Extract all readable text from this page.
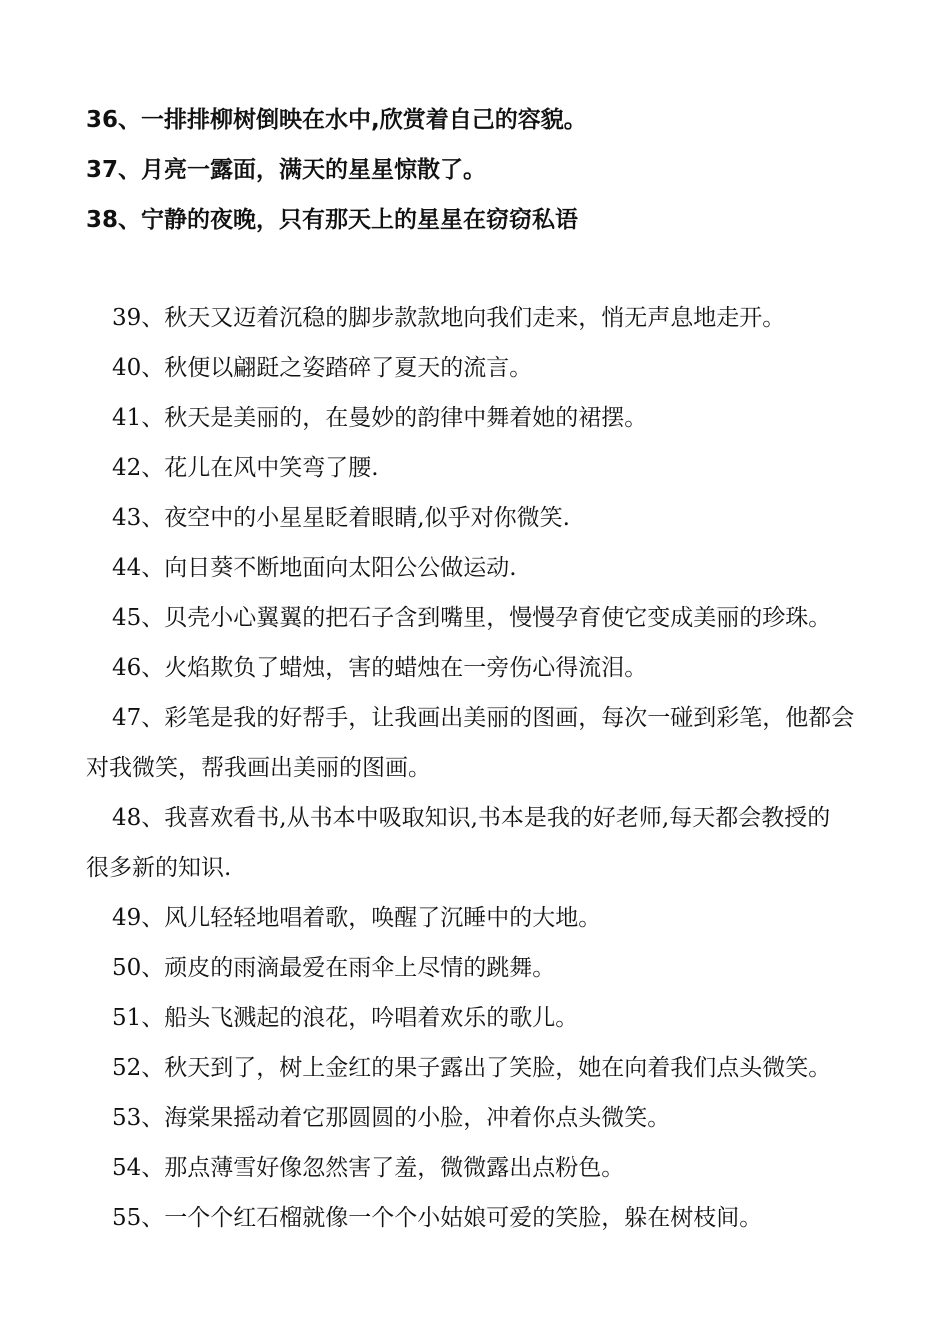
36、一排排柳树倒映在水中,欣赏着自己的容貌。
37、月亮一露面，满天的星星惊散了。
38、宁静的夜晚，只有那天上的星星在窃窃私语
39、秋天又迈着沉稳的脚步款款地向我们走来，悄无声息地走开。
40、秋便以翩跹之姿踏碎了夏天的流言。
41、秋天是美丽的，在曼妙的韵律中舞着她的裙摆。
42、花儿在风中笑弯了腰.
43、夜空中的小星星眨着眼睛,似乎对你微笑.
44、向日葵不断地面向太阳公公做运动.
45、贝壳小心翼翼的把石子含到嘴里，慢慢孕育使它变成美丽的珍珠。
46、火焰欺负了蜡烛，害的蜡烛在一旁伤心得流泪。
47、彩笔是我的好帮手，让我画出美丽的图画，每次一碰到彩笔，他都会
对我微笑，帮我画出美丽的图画。
48、我喜欢看书,从书本中吸取知识,书本是我的好老师,每天都会教授的
很多新的知识.
49、风儿轻轻地唱着歌，唤醒了沉睡中的大地。
50、顽皮的雨滴最爱在雨伞上尽情的跳舞。
51、船头飞溅起的浪花，吟唱着欢乐的歌儿。
52、秋天到了，树上金红的果子露出了笑脸，她在向着我们点头微笑。
53、海棠果摇动着它那圆圆的小脸，冲着你点头微笑。
54、那点薄雪好像忽然害了羞，微微露出点粉色。
55、一个个红石榴就像一个个小姑娘可爱的笑脸，躲在树枝间。
